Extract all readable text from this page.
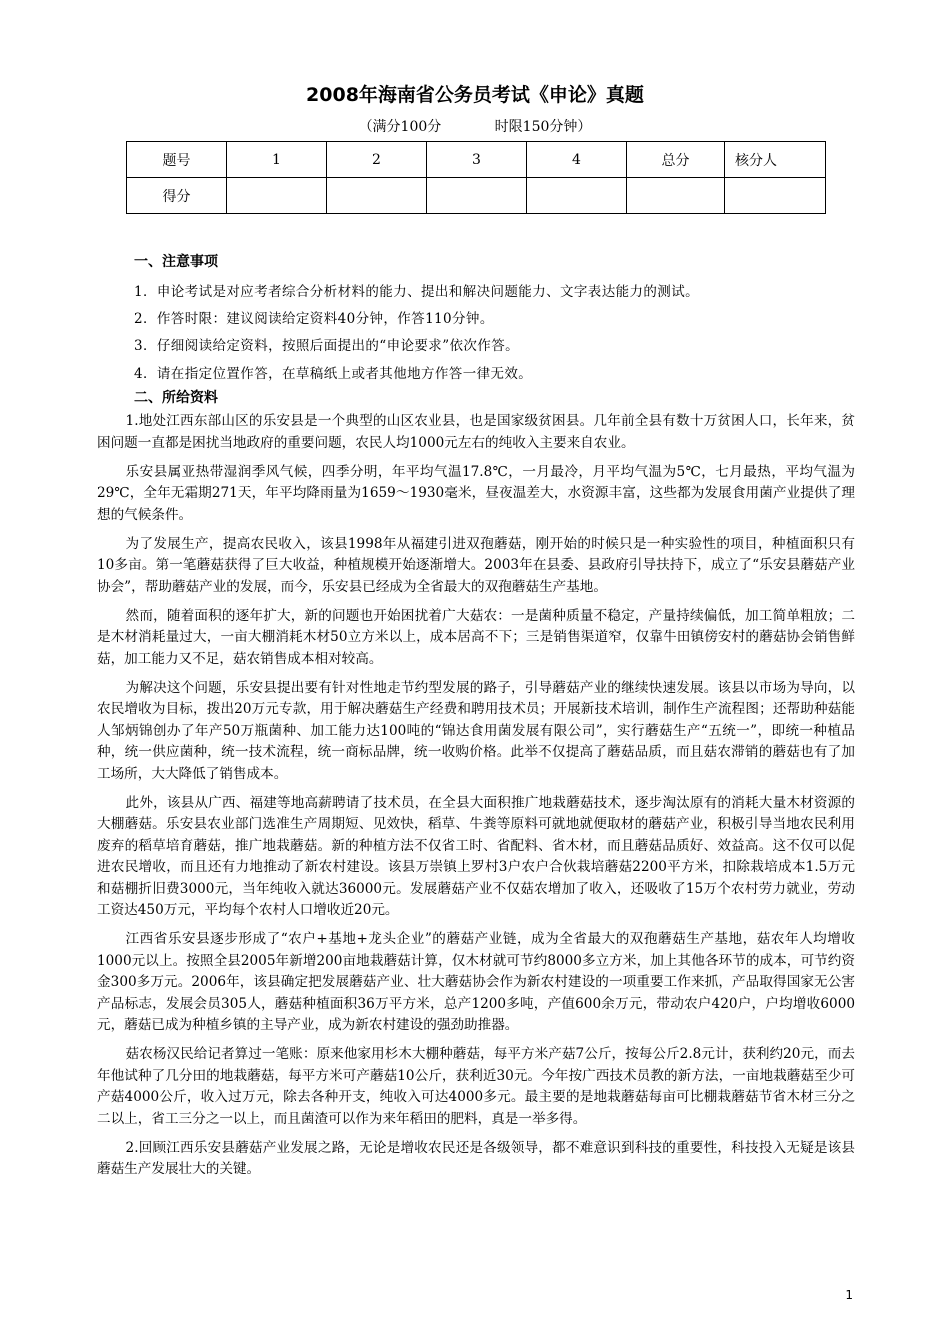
2008年海南省公务员考试《申论》真题
（满分100分            时限150分钟）
题号	1	2	3	4	总分	核分人
得分						
一、注意事项
1．申论考试是对应考者综合分析材料的能力、提出和解决问题能力、文字表达能力的测试。
2．作答时限：建议阅读给定资料40分钟，作答110分钟。
3．仔细阅读给定资料，按照后面提出的“申论要求”依次作答。
4．请在指定位置作答，在草稿纸上或者其他地方作答一律无效。
二、所给资料

1.地处江西东部山区的乐安县是一个典型的山区农业县，也是国家级贫困县。几年前全县有数十万贫困人口，长年来，贫困问题一直都是困扰当地政府的重要问题，农民人均1000元左右的纯收入主要来自农业。

乐安县属亚热带湿润季风气候，四季分明，年平均气温17.8℃，一月最冷，月平均气温为5℃，七月最热，平均气温为29℃，全年无霜期271天，年平均降雨量为1659～1930毫米，昼夜温差大，水资源丰富，这些都为发展食用菌产业提供了理想的气候条件。

为了发展生产，提高农民收入，该县1998年从福建引进双孢蘑菇，刚开始的时候只是一种实验性的项目，种植面积只有10多亩。第一笔蘑菇获得了巨大收益，种植规模开始逐渐增大。2003年在县委、县政府引导扶持下，成立了“乐安县蘑菇产业协会”，帮助蘑菇产业的发展，而今，乐安县已经成为全省最大的双孢蘑菇生产基地。

然而，随着面积的逐年扩大，新的问题也开始困扰着广大菇农：一是菌种质量不稳定，产量持续偏低，加工简单粗放；二是木材消耗量过大，一亩大棚消耗木材50立方米以上，成本居高不下；三是销售渠道窄，仅靠牛田镇傍安村的蘑菇协会销售鲜菇，加工能力又不足，菇农销售成本相对较高。

为解决这个问题，乐安县提出要有针对性地走节约型发展的路子，引导蘑菇产业的继续快速发展。该县以市场为导向，以农民增收为目标，拨出20万元专款，用于解决蘑菇生产经费和聘用技术员；开展新技术培训，制作生产流程图；还帮助种菇能人邹炳锦创办了年产50万瓶菌种、加工能力达100吨的“锦达食用菌发展有限公司”，实行蘑菇生产“五统一”，即统一种植品种，统一供应菌种，统一技术流程，统一商标品牌，统一收购价格。此举不仅提高了蘑菇品质，而且菇农滞销的蘑菇也有了加工场所，大大降低了销售成本。

此外，该县从广西、福建等地高薪聘请了技术员，在全县大面积推广地栽蘑菇技术，逐步淘汰原有的消耗大量木材资源的大棚蘑菇。乐安县农业部门选准生产周期短、见效快，稻草、牛粪等原料可就地就便取材的蘑菇产业，积极引导当地农民利用废弃的稻草培育蘑菇，推广地栽蘑菇。新的种植方法不仅省工时、省配料、省木材，而且蘑菇品质好、效益高。这不仅可以促进农民增收，而且还有力地推动了新农村建设。该县万崇镇上罗村3户农户合伙栽培蘑菇2200平方米，扣除栽培成本1.5万元和菇棚折旧费3000元，当年纯收入就达36000元。发展蘑菇产业不仅菇农增加了收入，还吸收了15万个农村劳力就业，劳动工资达450万元，平均每个农村人口增收近20元。

江西省乐安县逐步形成了“农户+基地+龙头企业”的蘑菇产业链，成为全省最大的双孢蘑菇生产基地，菇农年人均增收1000元以上。按照全县2005年新增200亩地栽蘑菇计算，仅木材就可节约8000多立方米，加上其他各环节的成本，可节约资金300多万元。2006年，该县确定把发展蘑菇产业、壮大蘑菇协会作为新农村建设的一项重要工作来抓，产品取得国家无公害产品标志，发展会员305人，蘑菇种植面积36万平方米，总产1200多吨，产值600余万元，带动农户420户，户均增收6000元，蘑菇已成为种植乡镇的主导产业，成为新农村建设的强劲助推器。

菇农杨汉民给记者算过一笔账：原来他家用杉木大棚种蘑菇，每平方米产菇7公斤，按每公斤2.8元计，获利约20元，而去年他试种了几分田的地栽蘑菇，每平方米可产蘑菇10公斤，获利近30元。今年按广西技术员教的新方法，一亩地栽蘑菇至少可产菇4000公斤，收入过万元，除去各种开支，纯收入可达4000多元。最主要的是地栽蘑菇每亩可比棚栽蘑菇节省木材三分之二以上，省工三分之一以上，而且菌渣可以作为来年稻田的肥料，真是一举多得。

2.回顾江西乐安县蘑菇产业发展之路，无论是增收农民还是各级领导，都不难意识到科技的重要性，科技投入无疑是该县蘑菇生产发展壮大的关键。

1
